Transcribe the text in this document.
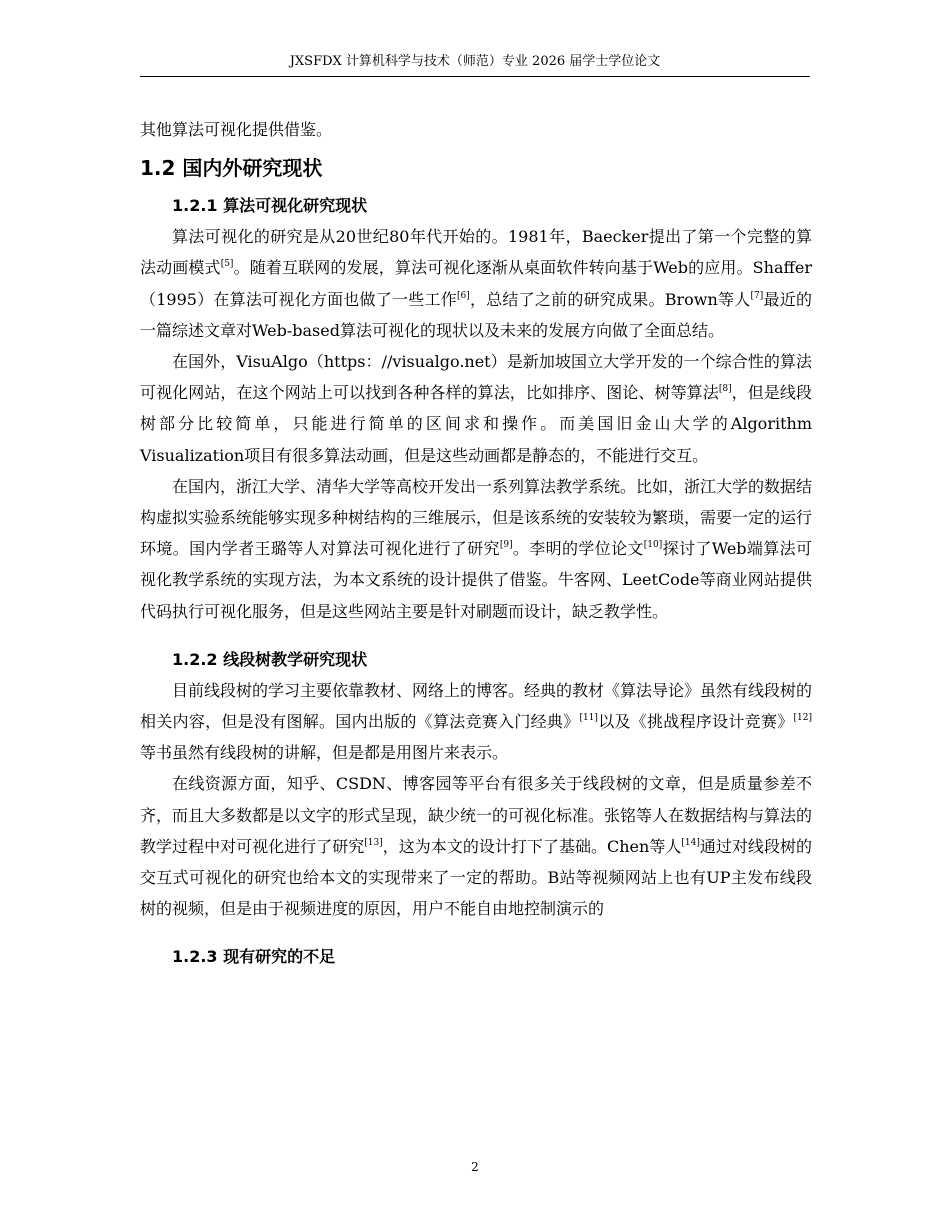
JXSFDX 计算机科学与技术（师范）专业 2026 届学士学位论文

其他算法可视化提供借鉴。

1.2 国内外研究现状
1.2.1 算法可视化研究现状

算法可视化的研究是从20世纪80年代开始的。1981年，Baecker提出了第一个完整的算法动画模式[5]。随着互联网的发展，算法可视化逐渐从桌面软件转向基于Web的应用。Shaffer（1995）在算法可视化方面也做了一些工作[6]，总结了之前的研究成果。Brown等人[7]最近的一篇综述文章对Web-based算法可视化的现状以及未来的发展方向做了全面总结。

在国外，VisuAlgo（https：//visualgo.net）是新加坡国立大学开发的一个综合性的算法可视化网站，在这个网站上可以找到各种各样的算法，比如排序、图论、树等算法[8]，但是线段树部分比较简单，只能进行简单的区间求和操作。而美国旧金山大学的Algorithm Visualization项目有很多算法动画，但是这些动画都是静态的，不能进行交互。

在国内，浙江大学、清华大学等高校开发出一系列算法教学系统。比如，浙江大学的数据结构虚拟实验系统能够实现多种树结构的三维展示，但是该系统的安装较为繁琐，需要一定的运行环境。国内学者王璐等人对算法可视化进行了研究[9]。李明的学位论文[10]探讨了Web端算法可视化教学系统的实现方法，为本文系统的设计提供了借鉴。牛客网、LeetCode等商业网站提供代码执行可视化服务，但是这些网站主要是针对刷题而设计，缺乏教学性。

1.2.2 线段树教学研究现状

目前线段树的学习主要依靠教材、网络上的博客。经典的教材《算法导论》虽然有线段树的相关内容，但是没有图解。国内出版的《算法竞赛入门经典》[11]以及《挑战程序设计竞赛》[12]等书虽然有线段树的讲解，但是都是用图片来表示。

在线资源方面，知乎、CSDN、博客园等平台有很多关于线段树的文章，但是质量参差不齐，而且大多数都是以文字的形式呈现，缺少统一的可视化标准。张铭等人在数据结构与算法的教学过程中对可视化进行了研究[13]，这为本文的设计打下了基础。Chen等人[14]通过对线段树的交互式可视化的研究也给本文的实现带来了一定的帮助。B站等视频网站上也有UP主发布线段树的视频，但是由于视频进度的原因，用户不能自由地控制演示的

1.2.3 现有研究的不足
2
